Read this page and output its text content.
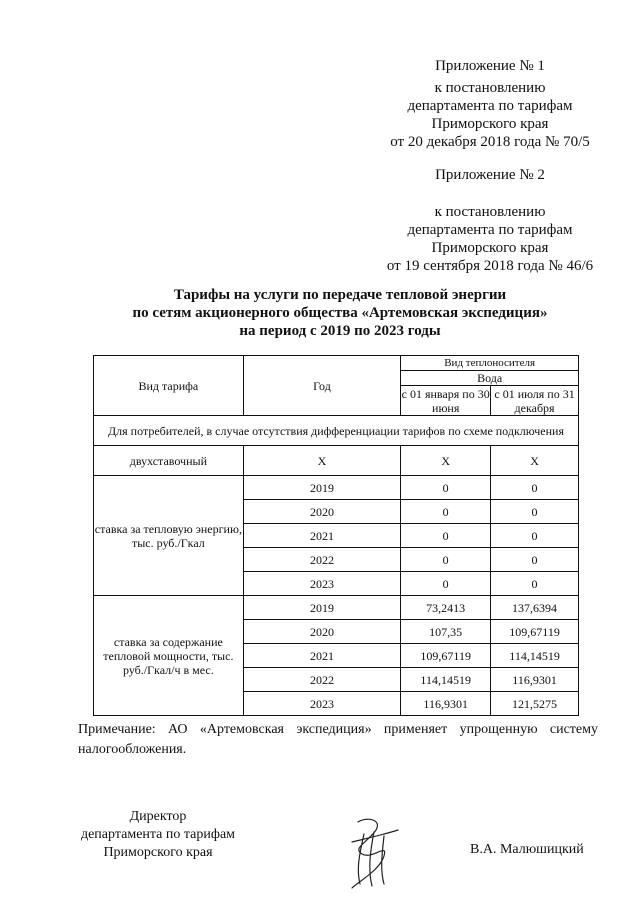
Приложение № 1
к постановлению
департамента по тарифам
Приморского края
от 20 декабря 2018 года № 70/5
Приложение № 2
к постановлению
департамента по тарифам
Приморского края
от 19 сентября 2018 года № 46/6
Тарифы на услуги по передаче тепловой энергии
по сетям акционерного общества «Артемовская экспедиция»
на период с 2019 по 2023 годы
Вид тарифа	Год	Вид теплоносителя	
		Вода	
		с 01 января по 30 июня	с 01 июля по 31 декабря
Для потребителей, в случае отсутствия дифференциации тарифов по схеме подключения			
двухставочный	X	X	X
ставка за тепловую энергию, тыс. руб./Гкал	2019	0	0
	2020	0	0
	2021	0	0
	2022	0	0
	2023	0	0
ставка за содержание тепловой мощности, тыс. руб./Гкал/ч в мес.	2019	73,2413	137,6394
	2020	107,35	109,67119
	2021	109,67119	114,14519
	2022	114,14519	116,9301
	2023	116,9301	121,5275
Примечание: АО «Артемовская экспедиция» применяет упрощенную систему налогообложения.
Директор
департамента по тарифам
Приморского края	В.А. Малюшицкий
